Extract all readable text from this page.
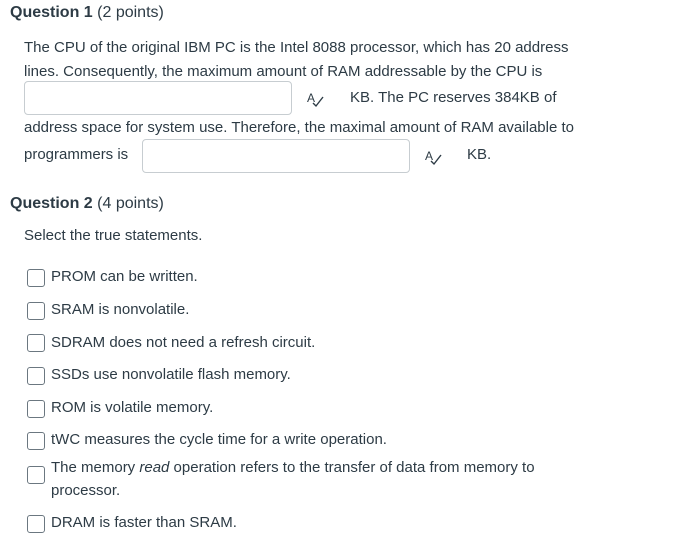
Question 1 (2 points)
The CPU of the original IBM PC is the Intel 8088 processor, which has 20 address
lines. Consequently, the maximum amount of RAM addressable by the CPU is
A KB. The PC reserves 384KB of
address space for system use. Therefore, the maximal amount of RAM available to
programmers is	A KB.
Question 2 (4 points)
Select the true statements.
PROM can be written.
SRAM is nonvolatile.
SDRAM does not need a refresh circuit.
SSDs use nonvolatile flash memory.
ROM is volatile memory.
tWC measures the cycle time for a write operation.
The memory read operation refers to the transfer of data from memory to
processor.
DRAM is faster than SRAM.
